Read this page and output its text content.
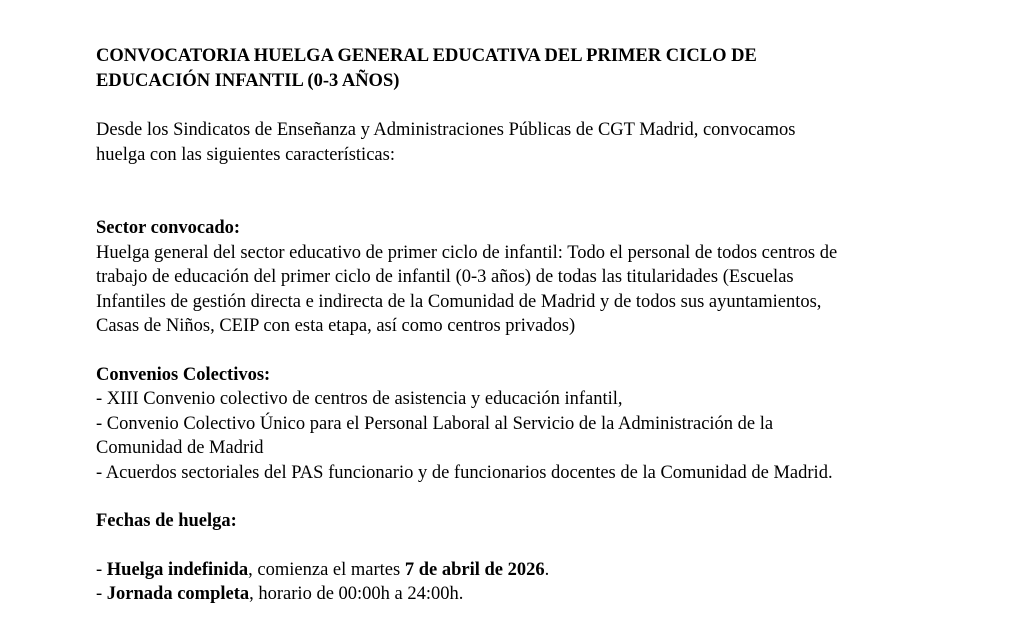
CONVOCATORIA HUELGA GENERAL EDUCATIVA DEL PRIMER CICLO DE
EDUCACIÓN INFANTIL (0-3 AÑOS)
Desde los Sindicatos de Enseñanza y Administraciones Públicas de CGT Madrid, convocamos
huelga con las siguientes características:
Sector convocado:
Huelga general del sector educativo de primer ciclo de infantil: Todo el personal de todos centros de
trabajo de educación del primer ciclo de infantil (0-3 años) de todas las titularidades (Escuelas
Infantiles de gestión directa e indirecta de la Comunidad de Madrid y de todos sus ayuntamientos,
Casas de Niños, CEIP con esta etapa, así como centros privados)
Convenios Colectivos:
- XIII Convenio colectivo de centros de asistencia y educación infantil,
- Convenio Colectivo Único para el Personal Laboral al Servicio de la Administración de la
Comunidad de Madrid
- Acuerdos sectoriales del PAS funcionario y de funcionarios docentes de la Comunidad de Madrid.
Fechas de huelga:
- Huelga indefinida, comienza el martes 7 de abril de 2026.
- Jornada completa, horario de 00:00h a 24:00h.
